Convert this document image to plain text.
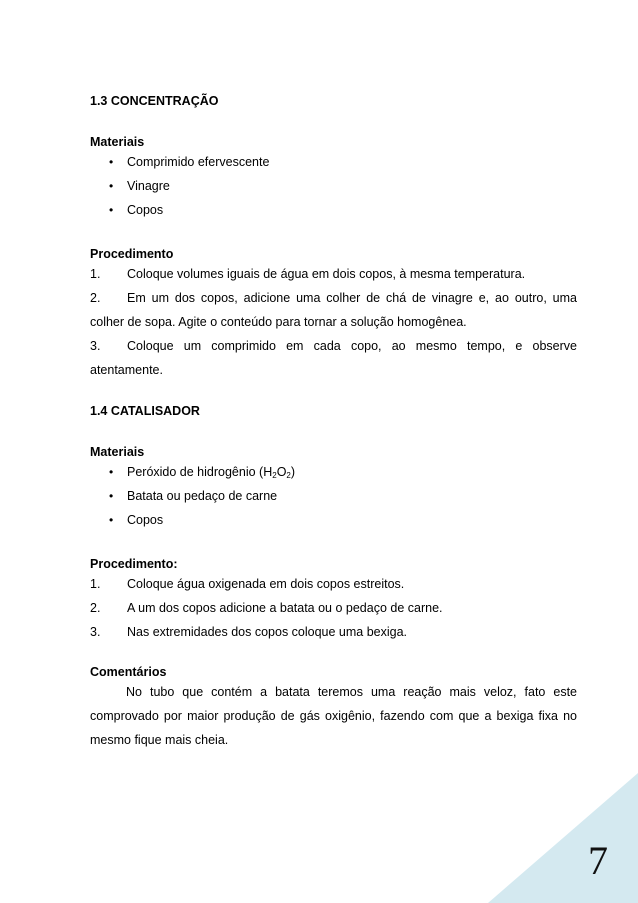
1.3 CONCENTRAÇÃO

Materiais

• Comprimido efervescente
• Vinagre
• Copos

Procedimento

1. Coloque volumes iguais de água em dois copos, à mesma temperatura.

2. Em um dos copos, adicione uma colher de chá de vinagre e, ao outro, uma colher de sopa. Agite o conteúdo para tornar a solução homogênea.

3. Coloque um comprimido em cada copo, ao mesmo tempo, e observe atentamente.

1.4 CATALISADOR

Materiais

• Peróxido de hidrogênio $(H_2O_2)$
• Batata ou pedaço de carne
• Copos

Procedimento:

1. Coloque água oxigenada em dois copos estreitos.

2. A um dos copos adicione a batata ou o pedaço de carne.

3. Nas extremidades dos copos coloque uma bexiga.

Comentários

No tubo que contém a batata teremos uma reação mais veloz, fato este comprovado por maior produção de gás oxigênio, fazendo com que a bexiga fixa no mesmo fique mais cheia.

7
